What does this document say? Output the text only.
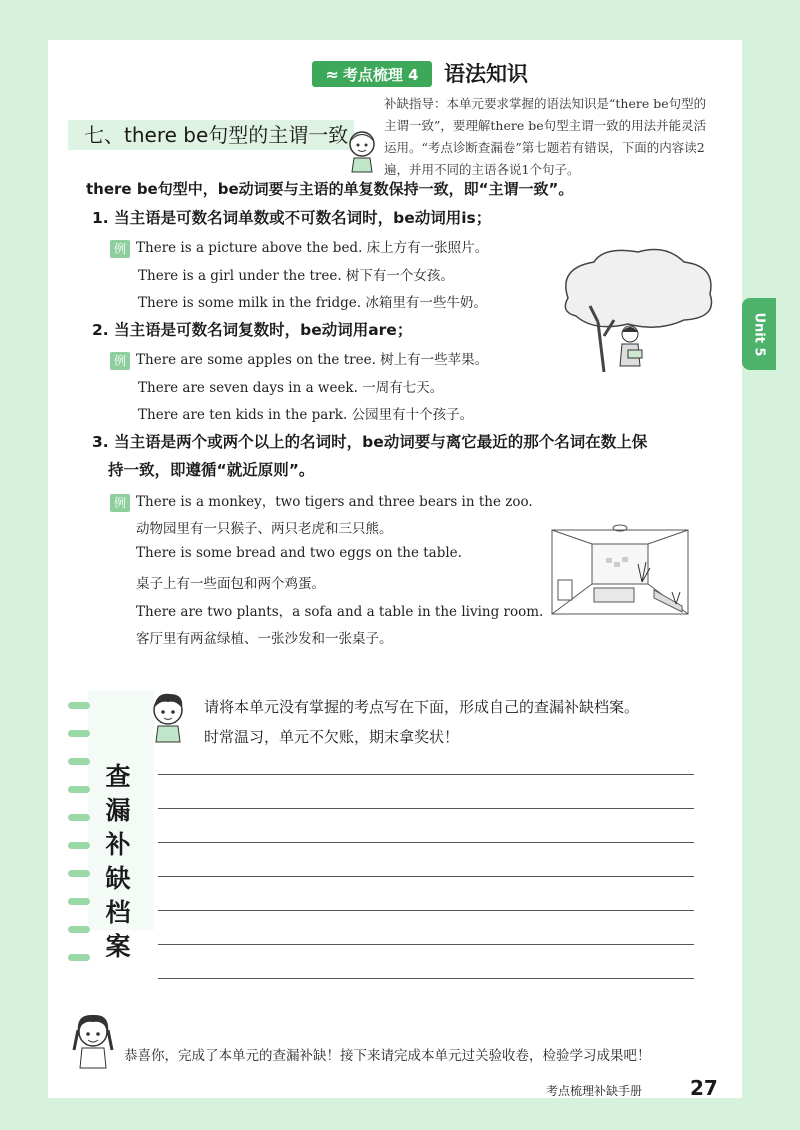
Unit 5
≈ 考点梳理 4 语法知识
七、there be句型的主谓一致
补缺指导：本单元要求掌握的语法知识是“there be句型的主谓一致”，要理解there be句型主谓一致的用法并能灵活运用。“考点诊断查漏卷”第七题若有错误，下面的内容读2遍，并用不同的主语各说1个句子。
there be句型中，be动词要与主语的单复数保持一致，即“主谓一致”。
1. 当主语是可数名词单数或不可数名词时，be动词用is；
例 There is a picture above the bed. 床上方有一张照片。
There is a girl under the tree. 树下有一个女孩。
There is some milk in the fridge. 冰箱里有一些牛奶。
2. 当主语是可数名词复数时，be动词用are；
例 There are some apples on the tree. 树上有一些苹果。
There are seven days in a week. 一周有七天。
There are ten kids in the park. 公园里有十个孩子。
3. 当主语是两个或两个以上的名词时，be动词要与离它最近的那个名词在数上保
持一致，即遵循“就近原则”。
例 There is a monkey，two tigers and three bears in the zoo.
动物园里有一只猴子、两只老虎和三只熊。
There is some bread and two eggs on the table.
桌子上有一些面包和两个鸡蛋。
There are two plants，a sofa and a table in the living room.
客厅里有两盆绿植、一张沙发和一张桌子。
查漏补缺档案
请将本单元没有掌握的考点写在下面，形成自己的查漏补缺档案。
时常温习，单元不欠账，期末拿奖状！
恭喜你，完成了本单元的查漏补缺！接下来请完成本单元过关验收卷，检验学习成果吧！
考点梳理补缺手册 27
